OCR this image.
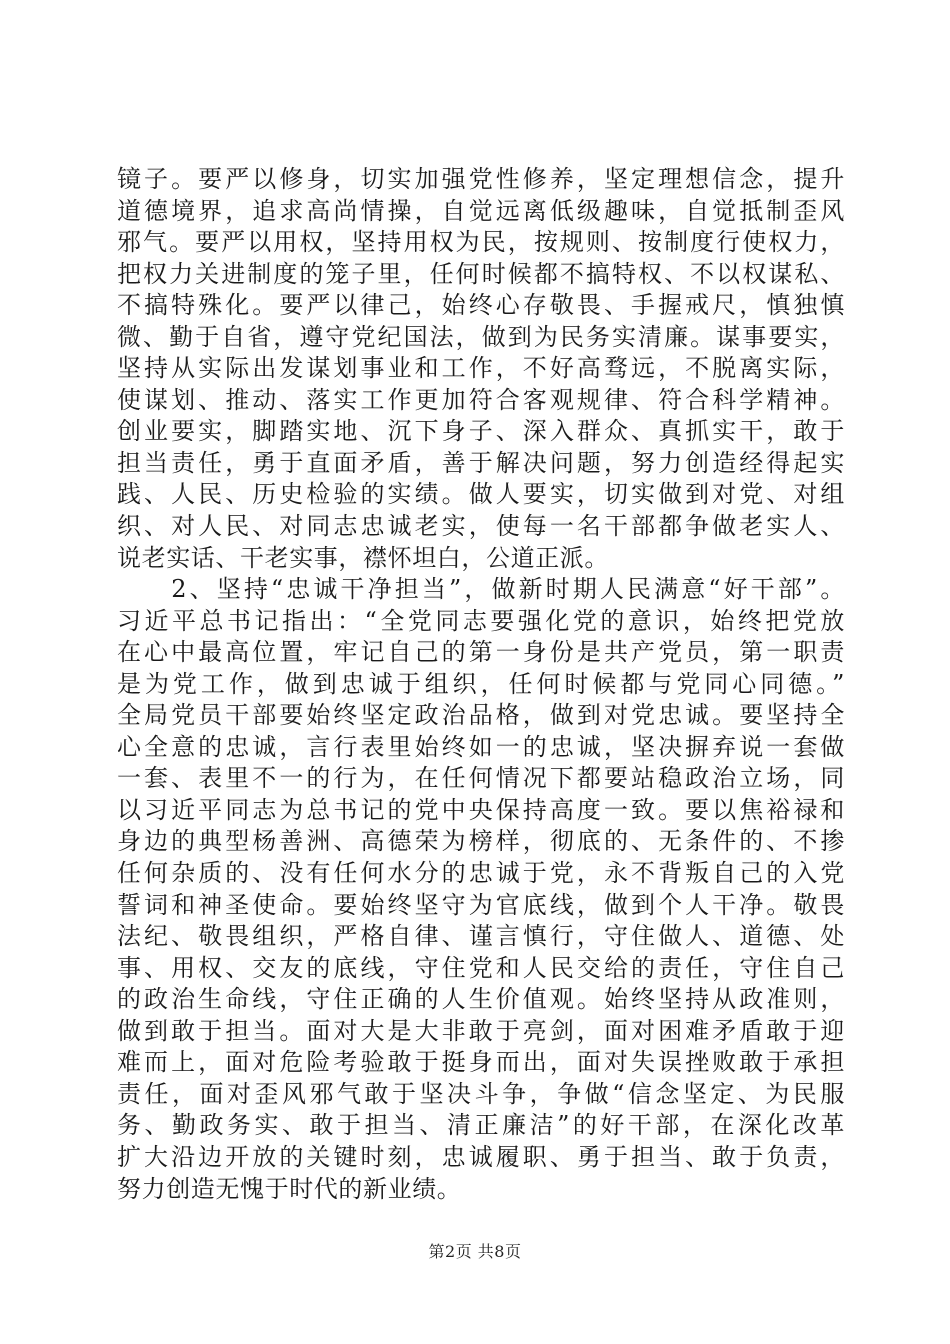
镜子。要严以修身，切实加强党性修养，坚定理想信念，提升
道德境界，追求高尚情操，自觉远离低级趣味，自觉抵制歪风
邪气。要严以用权，坚持用权为民，按规则、按制度行使权力，
把权力关进制度的笼子里，任何时候都不搞特权、不以权谋私、
不搞特殊化。要严以律己，始终心存敬畏、手握戒尺，慎独慎
微、勤于自省，遵守党纪国法，做到为民务实清廉。谋事要实，
坚持从实际出发谋划事业和工作，不好高骛远，不脱离实际，
使谋划、推动、落实工作更加符合客观规律、符合科学精神。
创业要实，脚踏实地、沉下身子、深入群众、真抓实干，敢于
担当责任，勇于直面矛盾，善于解决问题，努力创造经得起实
践、人民、历史检验的实绩。做人要实，切实做到对党、对组
织、对人民、对同志忠诚老实，使每一名干部都争做老实人、
说老实话、干老实事，襟怀坦白，公道正派。
　　2、坚持“忠诚干净担当”，做新时期人民满意“好干部”。
习近平总书记指出：“全党同志要强化党的意识，始终把党放
在心中最高位置，牢记自己的第一身份是共产党员，第一职责
是为党工作，做到忠诚于组织，任何时候都与党同心同德。”
全局党员干部要始终坚定政治品格，做到对党忠诚。要坚持全
心全意的忠诚，言行表里始终如一的忠诚，坚决摒弃说一套做
一套、表里不一的行为，在任何情况下都要站稳政治立场，同
以习近平同志为总书记的党中央保持高度一致。要以焦裕禄和
身边的典型杨善洲、高德荣为榜样，彻底的、无条件的、不掺
任何杂质的、没有任何水分的忠诚于党，永不背叛自己的入党
誓词和神圣使命。要始终坚守为官底线，做到个人干净。敬畏
法纪、敬畏组织，严格自律、谨言慎行，守住做人、道德、处
事、用权、交友的底线，守住党和人民交给的责任，守住自己
的政治生命线，守住正确的人生价值观。始终坚持从政准则，
做到敢于担当。面对大是大非敢于亮剑，面对困难矛盾敢于迎
难而上，面对危险考验敢于挺身而出，面对失误挫败敢于承担
责任，面对歪风邪气敢于坚决斗争，争做“信念坚定、为民服
务、勤政务实、敢于担当、清正廉洁”的好干部，在深化改革
扩大沿边开放的关键时刻，忠诚履职、勇于担当、敢于负责，
努力创造无愧于时代的新业绩。
第2页 共8页
